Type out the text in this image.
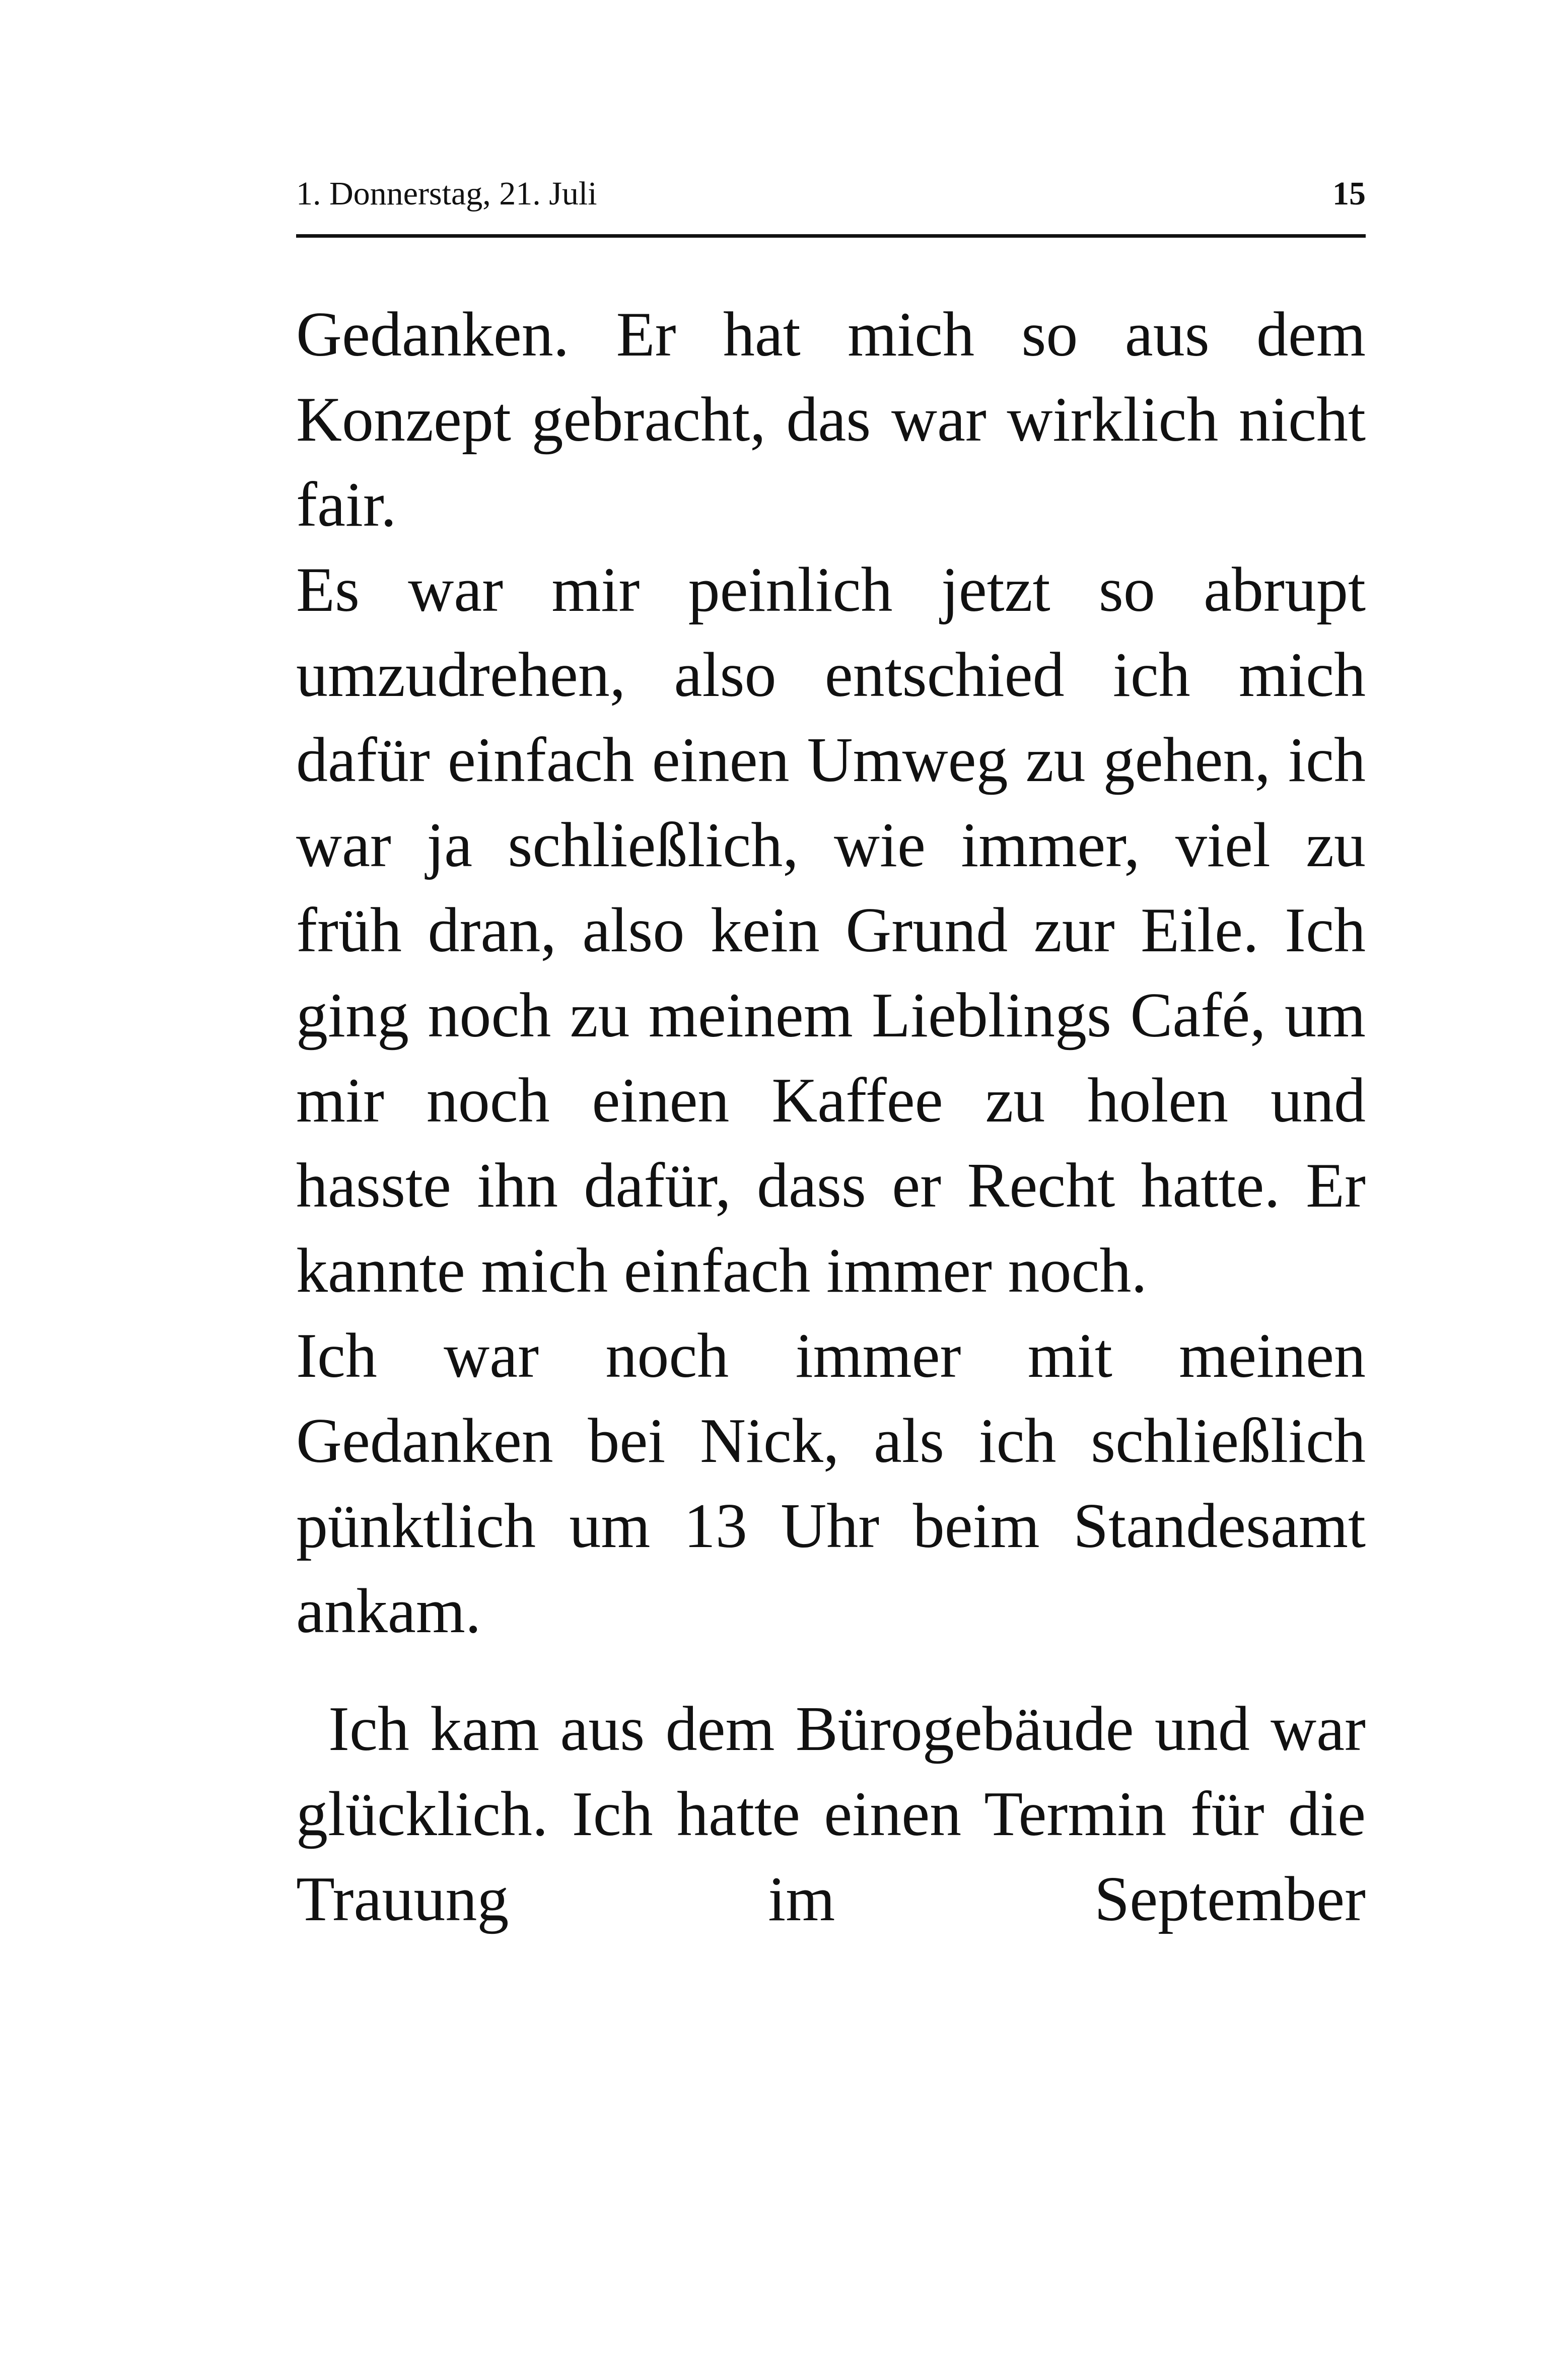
1. Donnerstag, 21. Juli	15

Gedanken. Er hat mich so aus dem Konzept gebracht, das war wirklich nicht fair.

Es war mir peinlich jetzt so abrupt umzudrehen, also entschied ich mich dafür einfach einen Umweg zu gehen, ich war ja schließlich, wie immer, viel zu früh dran, also kein Grund zur Eile. Ich ging noch zu meinem Lieblings Café, um mir noch einen Kaffee zu holen und hasste ihn dafür, dass er Recht hatte. Er kannte mich einfach immer noch.

Ich war noch immer mit meinen Gedanken bei Nick, als ich schließlich pünktlich um 13 Uhr beim Standesamt ankam.

Ich kam aus dem Bürogebäude und war glücklich. Ich hatte einen Termin für die Trauung im September
